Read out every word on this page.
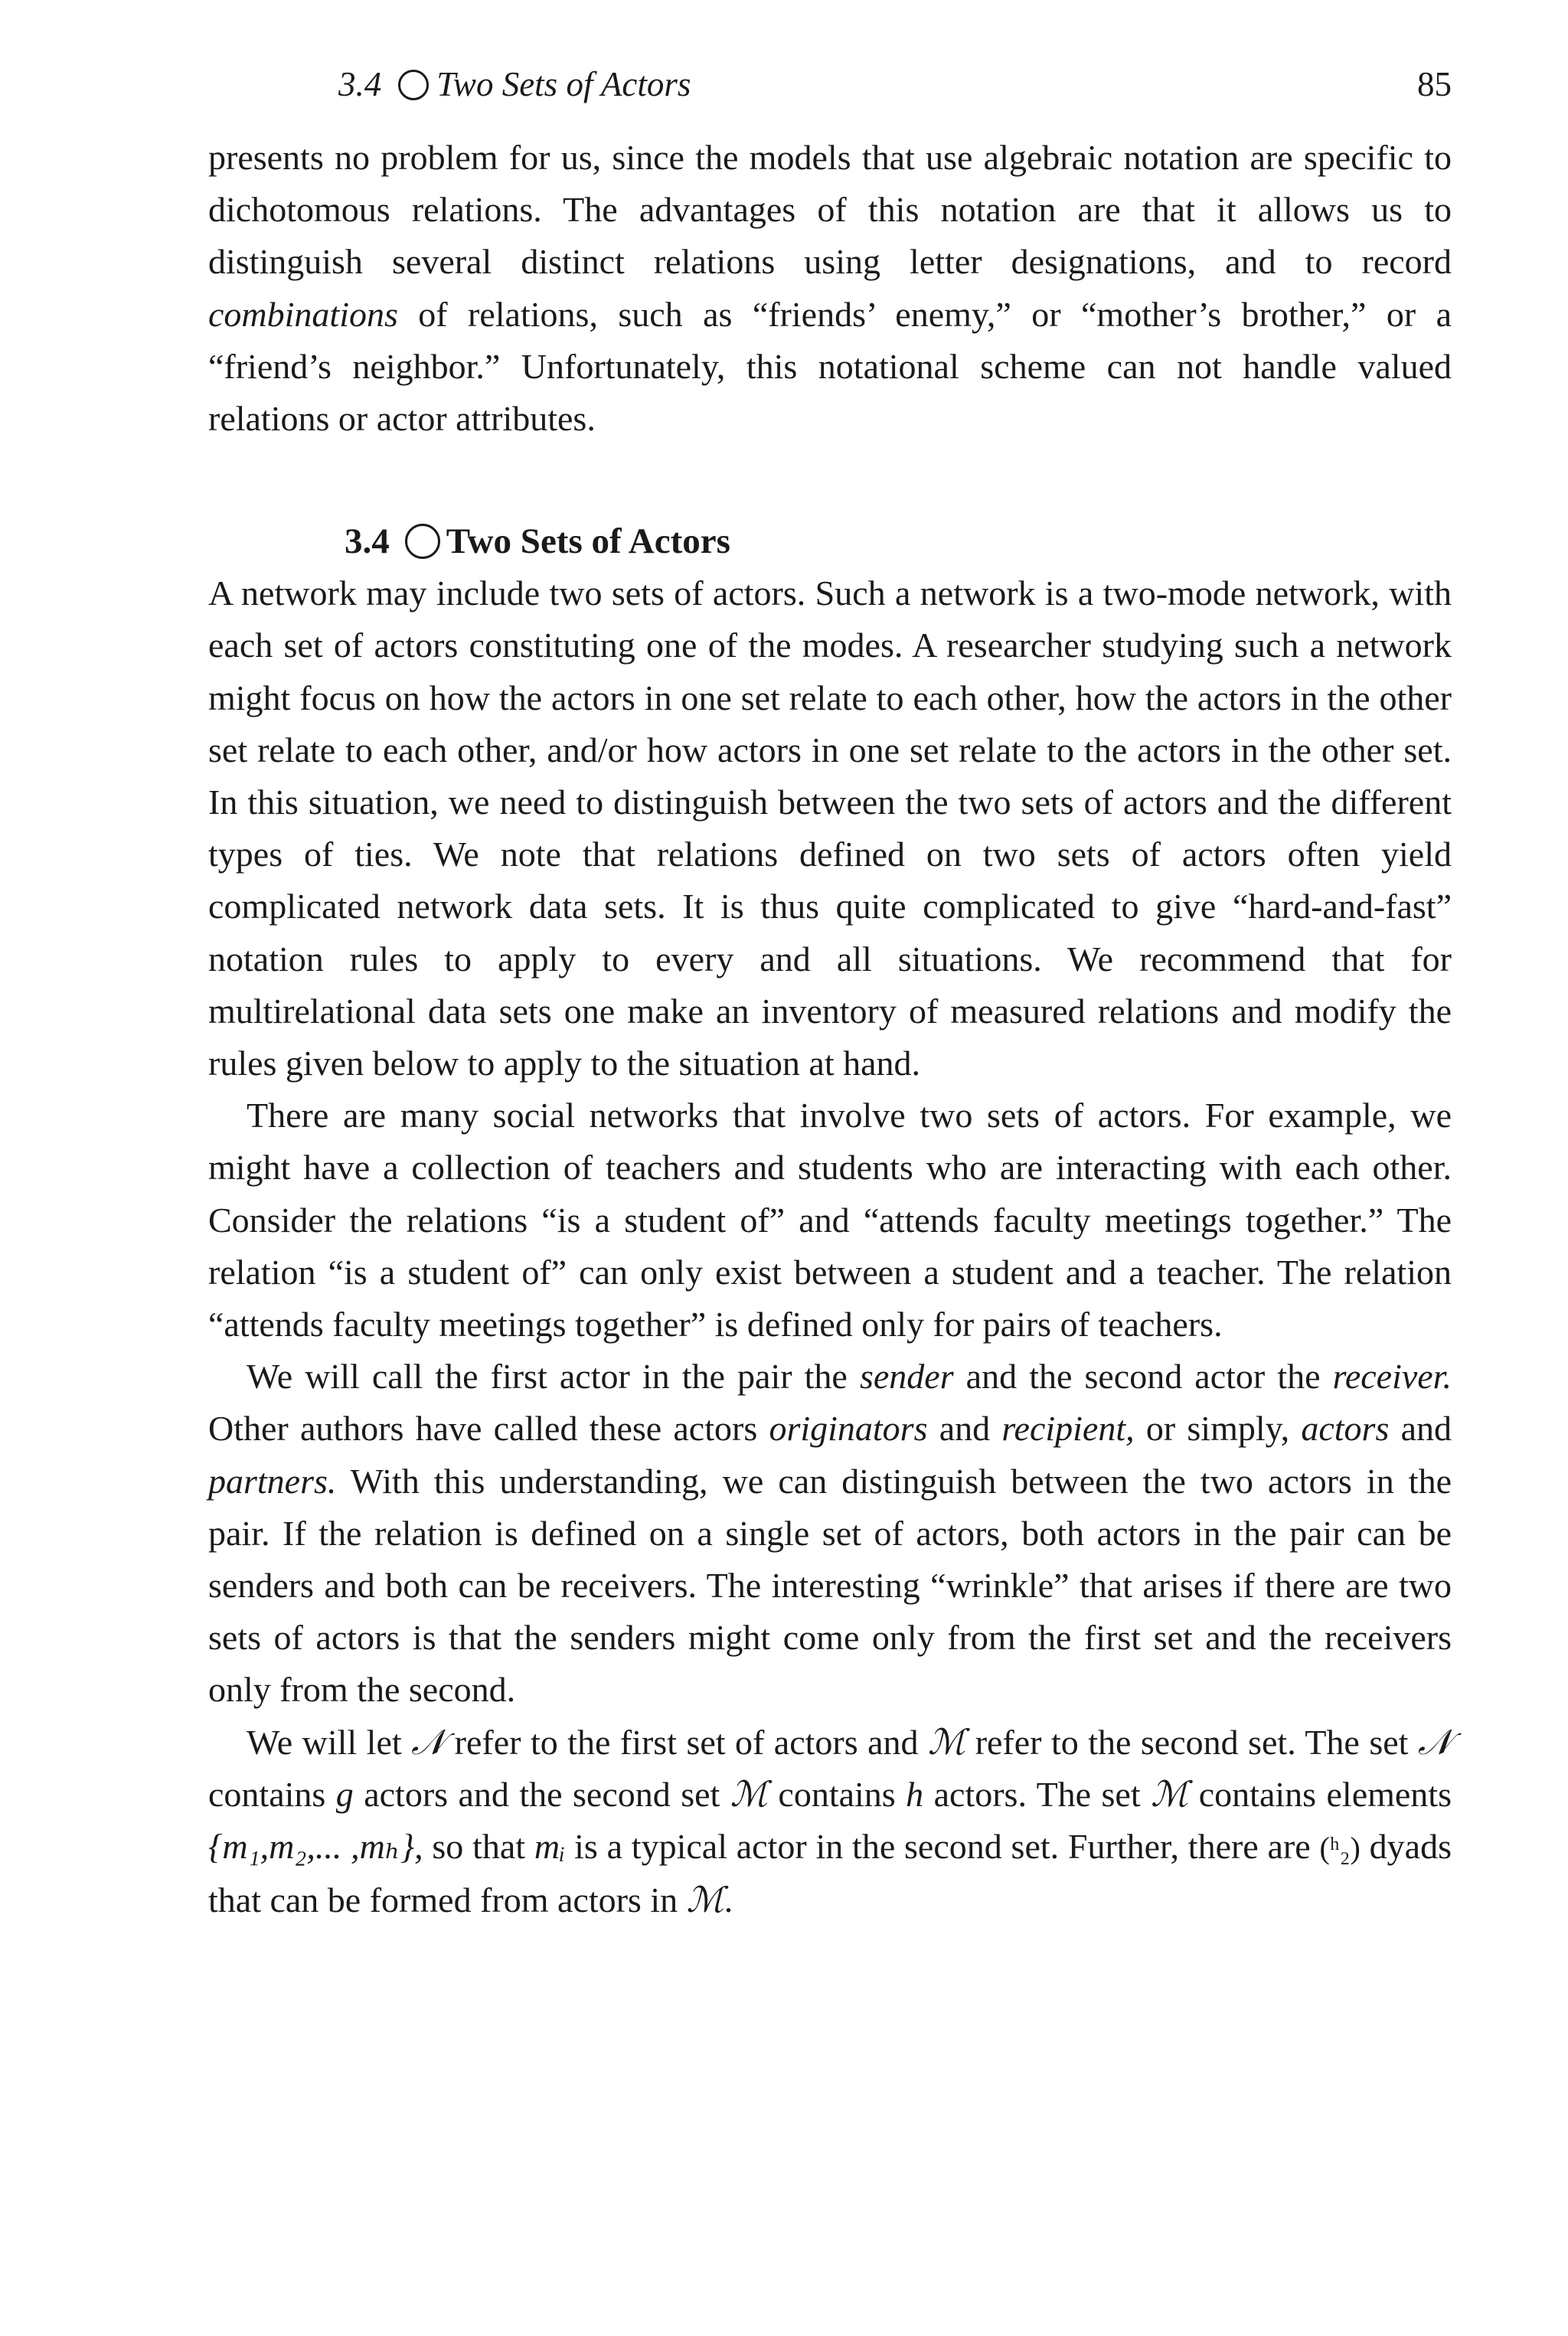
3.4 Two Sets of Actors	85

presents no problem for us, since the models that use algebraic notation are specific to dichotomous relations. The advantages of this notation are that it allows us to distinguish several distinct relations using letter designations, and to record combinations of relations, such as “friends’ enemy,” or “mother’s brother,” or a “friend’s neighbor.” Unfortunately, this notational scheme can not handle valued relations or actor attributes.

3.4 Two Sets of Actors

A network may include two sets of actors. Such a network is a two-mode network, with each set of actors constituting one of the modes. A researcher studying such a network might focus on how the actors in one set relate to each other, how the actors in the other set relate to each other, and/or how actors in one set relate to the actors in the other set. In this situation, we need to distinguish between the two sets of actors and the different types of ties. We note that relations defined on two sets of actors often yield complicated network data sets. It is thus quite complicated to give “hard-and-fast” notation rules to apply to every and all situations. We recommend that for multirelational data sets one make an inventory of measured relations and modify the rules given below to apply to the situation at hand.

There are many social networks that involve two sets of actors. For example, we might have a collection of teachers and students who are interacting with each other. Consider the relations “is a student of” and “attends faculty meetings together.” The relation “is a student of” can only exist between a student and a teacher. The relation “attends faculty meetings together” is defined only for pairs of teachers.

We will call the first actor in the pair the sender and the second actor the receiver. Other authors have called these actors originators and recipient, or simply, actors and partners. With this understanding, we can distinguish between the two actors in the pair. If the relation is defined on a single set of actors, both actors in the pair can be senders and both can be receivers. The interesting “wrinkle” that arises if there are two sets of actors is that the senders might come only from the first set and the receivers only from the second.

We will let 𝒩 refer to the first set of actors and ℳ refer to the second set. The set 𝒩 contains g actors and the second set ℳ contains h actors. The set ℳ contains elements {m₁,m₂,... ,mₕ}, so that mᵢ is a typical actor in the second set. Further, there are (ʰ₂) dyads that can be formed from actors in ℳ.
